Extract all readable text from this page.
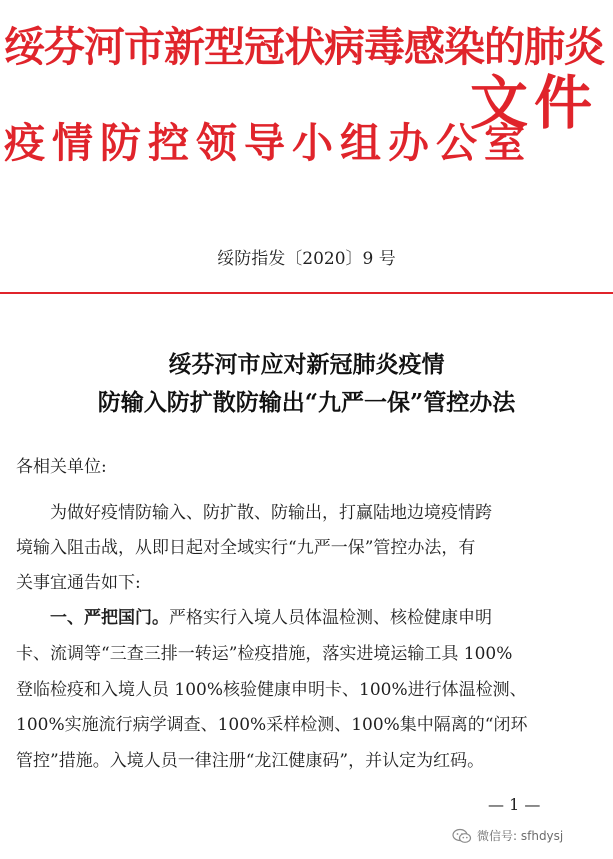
绥芬河市新型冠状病毒感染的肺炎
疫情防控领导小组办公室
文件
绥防指发〔2020〕9 号
绥芬河市应对新冠肺炎疫情
防输入防扩散防输出“九严一保”管控办法
各相关单位:
为做好疫情防输入、防扩散、防输出，打赢陆地边境疫情跨
境输入阻击战，从即日起对全域实行“九严一保”管控办法，有
关事宜通告如下:
一、严把国门。严格实行入境人员体温检测、核检健康申明
卡、流调等“三查三排一转运”检疫措施，落实进境运输工具 100%
登临检疫和入境人员 100%核验健康申明卡、100%进行体温检测、
100%实施流行病学调查、100%采样检测、100%集中隔离的“闭环
管控”措施。入境人员一律注册“龙江健康码”，并认定为红码。
— 1 —
微信号: sfhdysj
